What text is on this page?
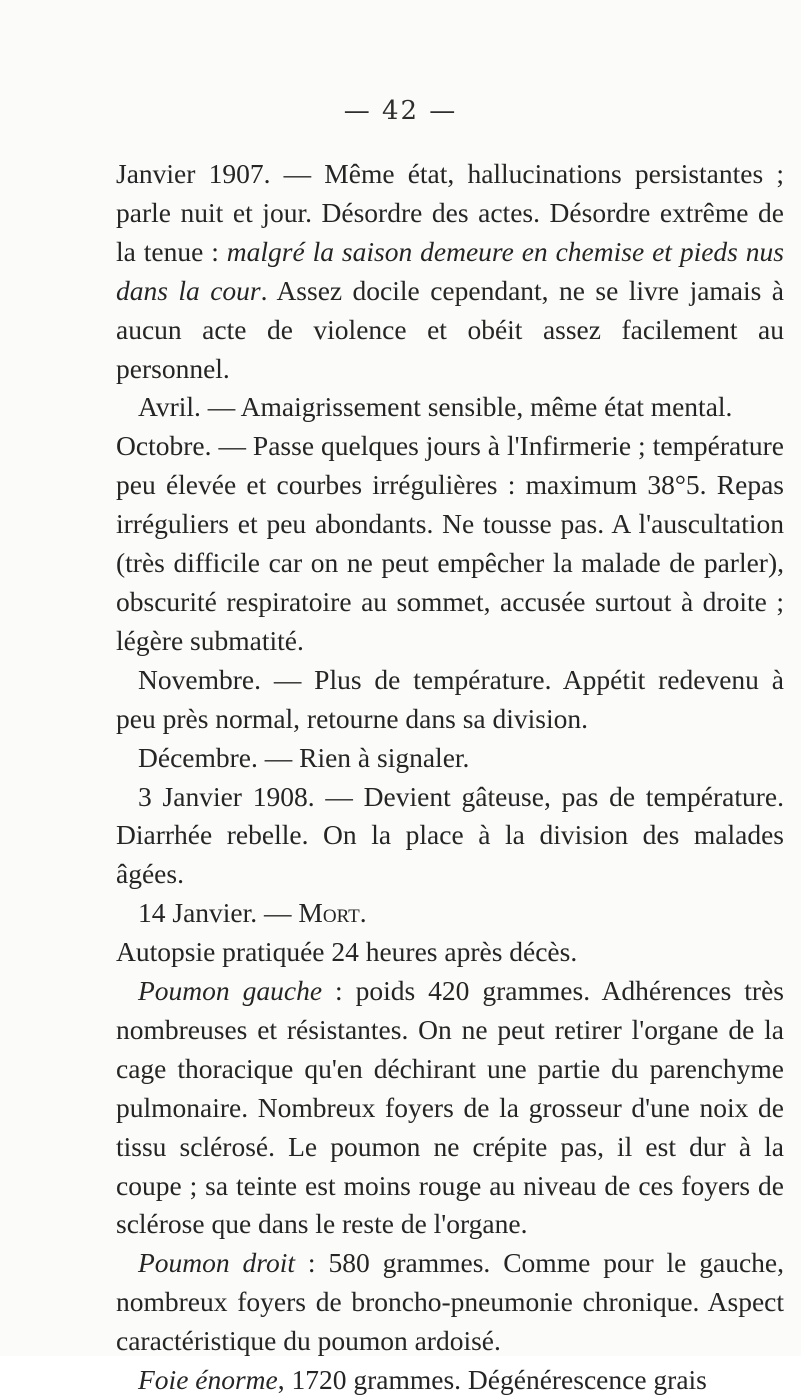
— 42 —

Janvier 1907. — Même état, hallucinations persistantes ; parle nuit et jour. Désordre des actes. Désordre extrême de la tenue : malgré la saison demeure en chemise et pieds nus dans la cour. Assez docile cependant, ne se livre jamais à aucun acte de violence et obéit assez facilement au personnel.

Avril. — Amaigrissement sensible, même état mental.

Octobre. — Passe quelques jours à l'Infirmerie ; température peu élevée et courbes irrégulières : maximum 38°5. Repas irréguliers et peu abondants. Ne tousse pas. A l'auscultation (très difficile car on ne peut empêcher la malade de parler), obscurité respiratoire au sommet, accusée surtout à droite ; légère submatité.

Novembre. — Plus de température. Appétit redevenu à peu près normal, retourne dans sa division.

Décembre. — Rien à signaler.

3 Janvier 1908. — Devient gâteuse, pas de température. Diarrhée rebelle. On la place à la division des malades âgées.

14 Janvier. — Mort.

Autopsie pratiquée 24 heures après décès.

Poumon gauche : poids 420 grammes. Adhérences très nombreuses et résistantes. On ne peut retirer l'organe de la cage thoracique qu'en déchirant une partie du parenchyme pulmonaire. Nombreux foyers de la grosseur d'une noix de tissu sclérosé. Le poumon ne crépite pas, il est dur à la coupe ; sa teinte est moins rouge au niveau de ces foyers de sclérose que dans le reste de l'organe.

Poumon droit : 580 grammes. Comme pour le gauche, nombreux foyers de broncho-pneumonie chronique. Aspect caractéristique du poumon ardoisé.

Foie énorme, 1720 grammes. Dégénérescence grais
